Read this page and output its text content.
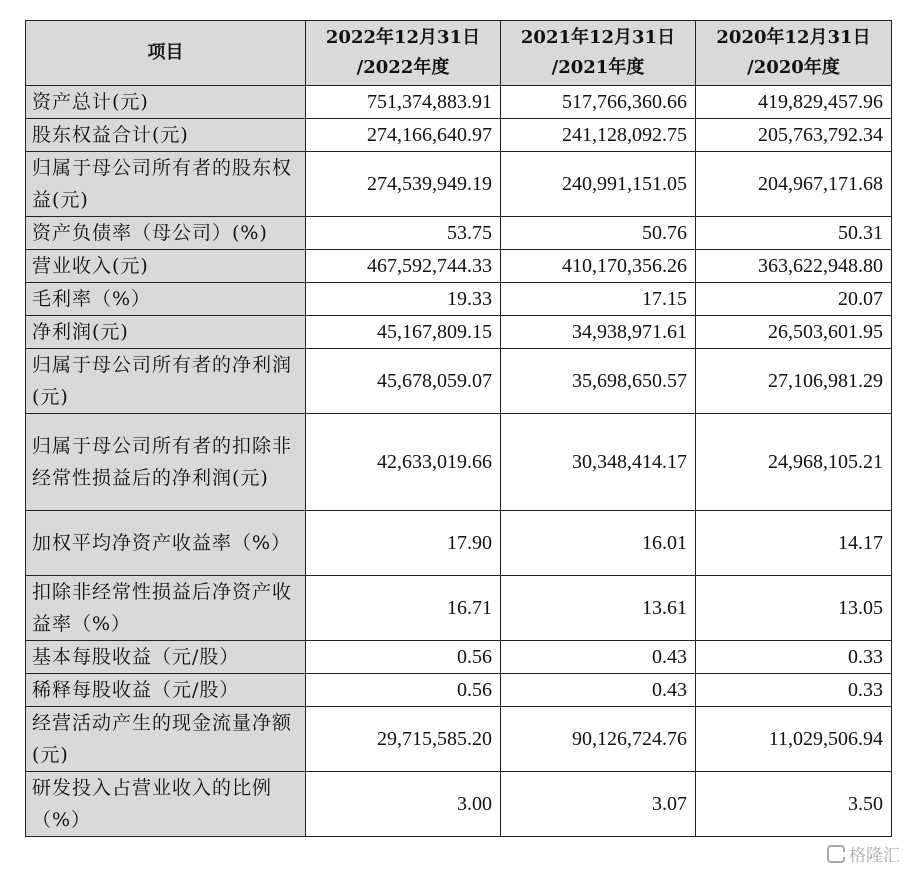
项目	2022年12月31日 /2022年度	2021年12月31日 /2021年度	2020年12月31日 /2020年度
资产总计(元)	751,374,883.91	517,766,360.66	419,829,457.96
股东权益合计(元)	274,166,640.97	241,128,092.75	205,763,792.34
归属于母公司所有者的股东权益(元)	274,539,949.19	240,991,151.05	204,967,171.68
资产负债率（母公司）(%)	53.75	50.76	50.31
营业收入(元)	467,592,744.33	410,170,356.26	363,622,948.80
毛利率（%）	19.33	17.15	20.07
净利润(元)	45,167,809.15	34,938,971.61	26,503,601.95
归属于母公司所有者的净利润(元)	45,678,059.07	35,698,650.57	27,106,981.29
归属于母公司所有者的扣除非经常性损益后的净利润(元)	42,633,019.66	30,348,414.17	24,968,105.21
加权平均净资产收益率（%）	17.90	16.01	14.17
扣除非经常性损益后净资产收益率（%）	16.71	13.61	13.05
基本每股收益（元/股）	0.56	0.43	0.33
稀释每股收益（元/股）	0.56	0.43	0.33
经营活动产生的现金流量净额(元)	29,715,585.20	90,126,724.76	11,029,506.94
研发投入占营业收入的比例（%）	3.00	3.07	3.50
格隆汇
